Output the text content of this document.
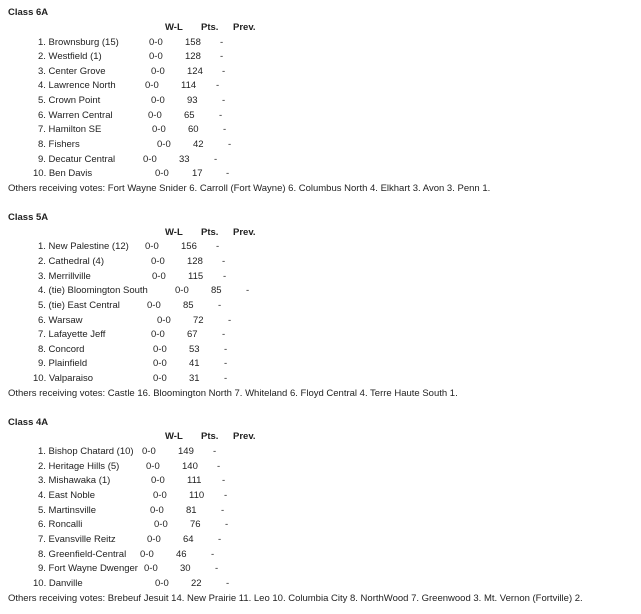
Class 6A
W-L Pts. Prev.
1. Brownsburg (15)	0-0 158 -
2. Westfield (1)	0-0 128 -
3. Center Grove	0-0 124 -
4. Lawrence North	0-0 114 -
5. Crown Point	0-0 93	-
6. Warren Central	0-0 65	-
7. Hamilton SE	0-0 60	-
8. Fishers	0-0 42	-
9. Decatur Central	0-0 33	-
10. Ben Davis	0-0 17 -
Others receiving votes: Fort Wayne Snider 6. Carroll (Fort Wayne) 6. Columbus North 4. Elkhart 3. Avon 3. Penn 1.
Class 5A
W-L Pts. Prev.
1. New Palestine (12) 0-0 156 -
2. Cathedral (4)	0-0 128 -
3. Merrillville	0-0 115 -
4. (tie) Bloomington South	0-0 85	-
5. (tie) East Central	0-0 85	-
6. Warsaw	0-0 72	-
7. Lafayette Jeff	0-0 67	-
8. Concord	0-0 53	-
9. Plainfield	0-0 41	-
10. Valparaiso	0-0 31	-
Others receiving votes: Castle 16. Bloomington North 7. Whiteland 6. Floyd Central 4. Terre Haute South 1.
Class 4A
W-L Pts. Prev.
1. Bishop Chatard (10) 0-0 149 -
2. Heritage Hills (5)	0-0 140 -
3. Mishawaka (1)	0-0 111 -
4. East Noble	0-0 110 -
5. Martinsville	0-0 81	-
6. Roncalli	0-0 76	-
7. Evansville Reitz	0-0 64	-
8. Greenfield-Central 0-0 46	-
9. Fort Wayne Dwenger 0-0 30	-
10. Danville	0-0 22	-
Others receiving votes: Brebeuf Jesuit 14. New Prairie 11. Leo 10. Columbia City 8. NorthWood 7. Greenwood 3. Mt. Vernon (Fortville) 2.
